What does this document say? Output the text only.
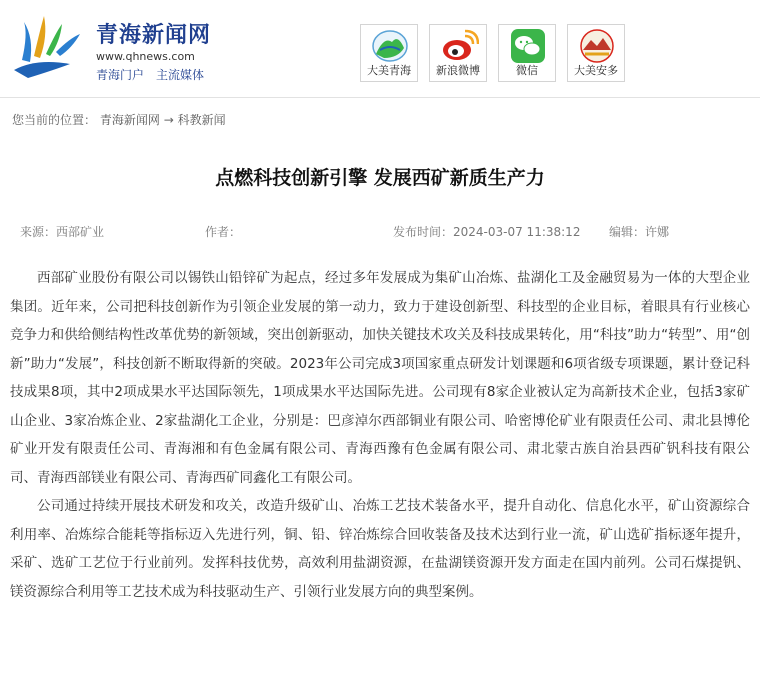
青海新闻网
www.qhnews.com
青海门户 主流媒体	大美青海	新浪微博	微信	大美安多
您当前的位置： 青海新闻网 → 科教新闻
点燃科技创新引擎 发展西矿新质生产力
来源：西部矿业	作者：	发布时间：2024-03-07 11:38:12 编辑：许娜

西部矿业股份有限公司以锡铁山铅锌矿为起点，经过多年发展成为集矿山冶炼、盐湖化工及金融贸易为一体的大型企业集团。近年来，公司把科技创新作为引领企业发展的第一动力，致力于建设创新型、科技型的企业目标，着眼具有行业核心竞争力和供给侧结构性改革优势的新领域，突出创新驱动，加快关键技术攻关及科技成果转化，用“科技”助力“转型”、用“创新”助力“发展”，科技创新不断取得新的突破。2023年公司完成3项国家重点研发计划课题和6项省级专项课题，累计登记科技成果8项，其中2项成果水平达国际领先，1项成果水平达国际先进。公司现有8家企业被认定为高新技术企业，包括3家矿山企业、3家冶炼企业、2家盐湖化工企业，分别是：巴彦淖尔西部铜业有限公司、哈密博伦矿业有限责任公司、肃北县博伦矿业开发有限责任公司、青海湘和有色金属有限公司、青海西豫有色金属有限公司、肃北蒙古族自治县西矿钒科技有限公司、青海西部镁业有限公司、青海西矿同鑫化工有限公司。

公司通过持续开展技术研发和攻关，改造升级矿山、冶炼工艺技术装备水平，提升自动化、信息化水平，矿山资源综合利用率、冶炼综合能耗等指标迈入先进行列，铜、铅、锌冶炼综合回收装备及技术达到行业一流，矿山选矿指标逐年提升，采矿、选矿工艺位于行业前列。发挥科技优势，高效利用盐湖资源，在盐湖镁资源开发方面走在国内前列。公司石煤提钒、镁资源综合利用等工艺技术成为科技驱动生产、引领行业发展方向的典型案例。
